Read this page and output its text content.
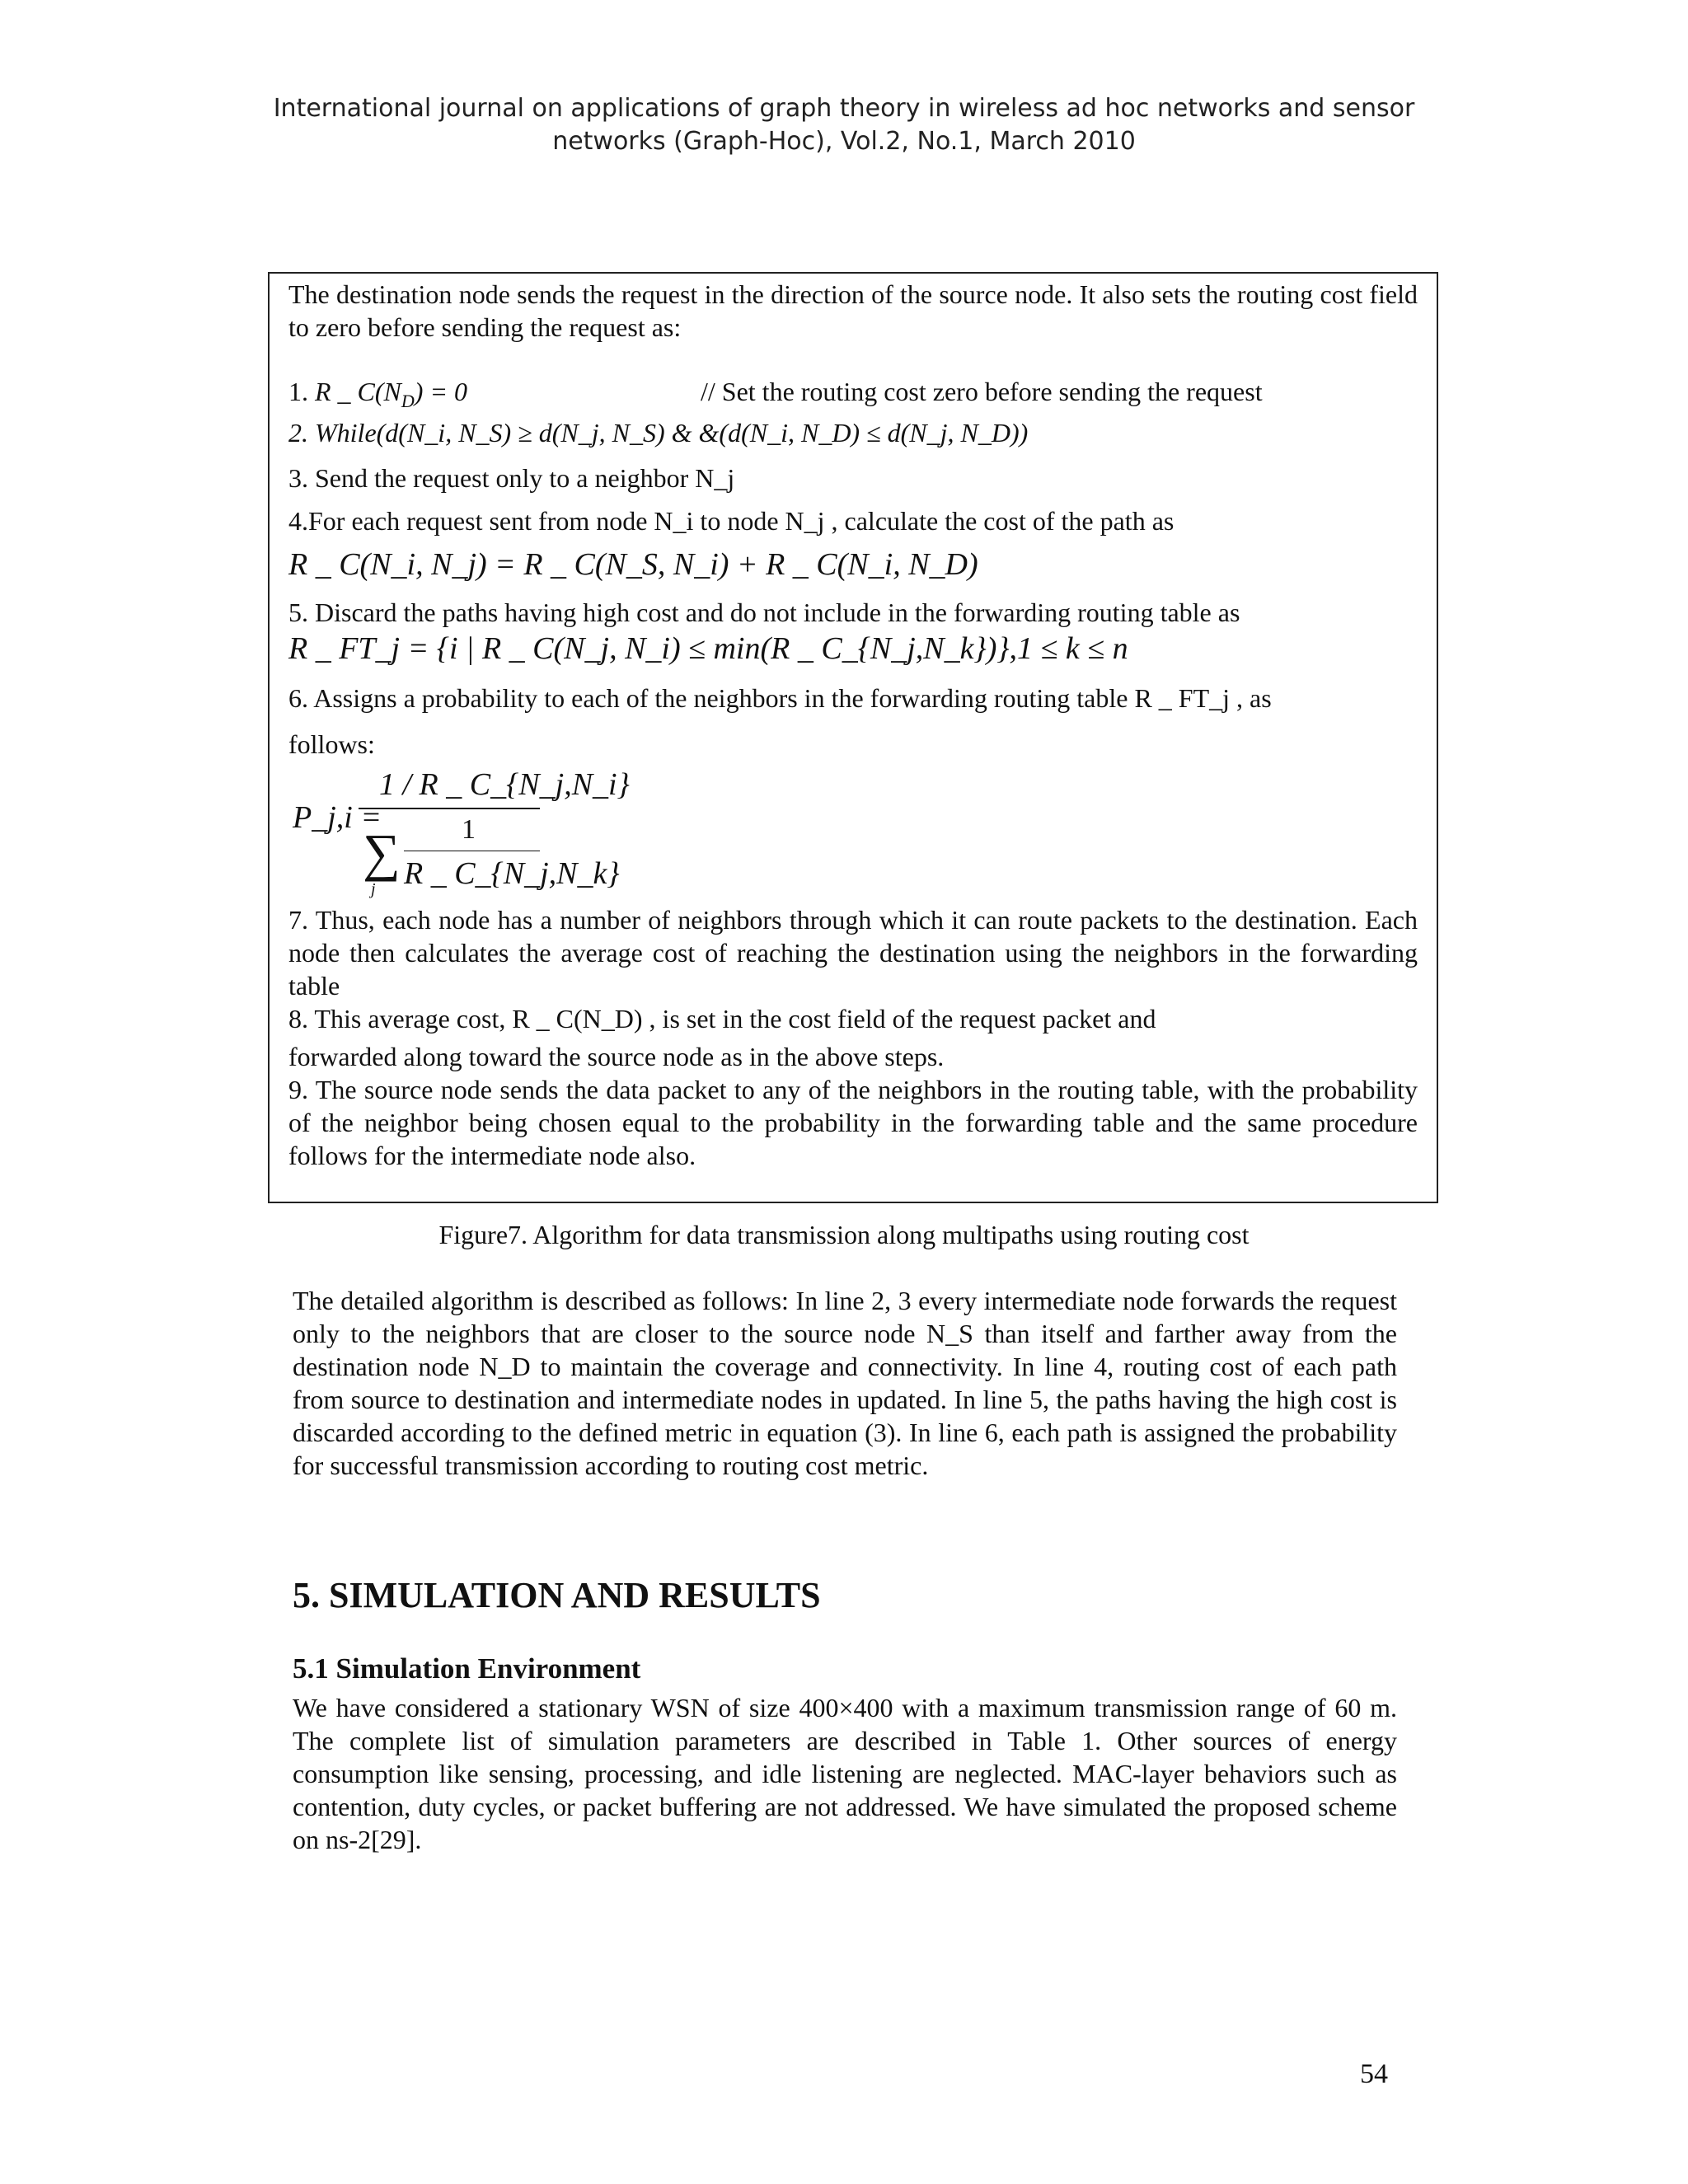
International journal on applications of graph theory in wireless ad hoc networks and sensor
networks (Graph-Hoc), Vol.2, No.1, March 2010
The destination node sends the request in the direction of the source node. It also sets the routing cost field to zero before sending the request as:
1. R _ $C(N_D) = 0$	// Set the routing cost zero before sending the request
2. While(d(N_i, N_S) ≥ d(N_j, N_S) & &(d(N_i, N_D) ≤ d(N_j, N_D))
3. Send the request only to a neighbor N_j
4.For each request sent from node N_i to node N_j , calculate the cost of the path as
R _ C(N_i, N_j) = R _ C(N_S, N_i) + R _ C(N_i, N_D)
5. Discard the paths having high cost and do not include in the forwarding routing table as
R _ FT_j = {i | R _ C(N_j, N_i) ≤ min(R _ C_{N_j,N_k})},1 ≤ k ≤ n
6. Assigns a probability to each of the neighbors in the forwarding routing table R _ FT_j , as
follows:
1 / R _ C_{N_j,N_i}
P_j,i =
∑
j
1
R _ C_{N_j,N_k}
7. Thus, each node has a number of neighbors through which it can route packets to the destination. Each node then calculates the average cost of reaching the destination using the neighbors in the forwarding table
8. This average cost, R _ C(N_D) , is set in the cost field of the request packet and
forwarded along toward the source node as in the above steps.
9. The source node sends the data packet to any of the neighbors in the routing table, with the probability of the neighbor being chosen equal to the probability in the forwarding table and the same procedure follows for the intermediate node also.
Figure7. Algorithm for data transmission along multipaths using routing cost
The detailed algorithm is described as follows: In line 2, 3 every intermediate node forwards the request only to the neighbors that are closer to the source node N_S than itself and farther away from the destination node N_D to maintain the coverage and connectivity. In line 4, routing cost of each path from source to destination and intermediate nodes in updated. In line 5, the paths having the high cost is discarded according to the defined metric in equation (3). In line 6, each path is assigned the probability for successful transmission according to routing cost metric.
5. SIMULATION AND RESULTS
5.1 Simulation Environment
We have considered a stationary WSN of size 400×400 with a maximum transmission range of 60 m. The complete list of simulation parameters are described in Table 1. Other sources of energy consumption like sensing, processing, and idle listening are neglected. MAC-layer behaviors such as contention, duty cycles, or packet buffering are not addressed. We have simulated the proposed scheme on ns-2[29].
54
